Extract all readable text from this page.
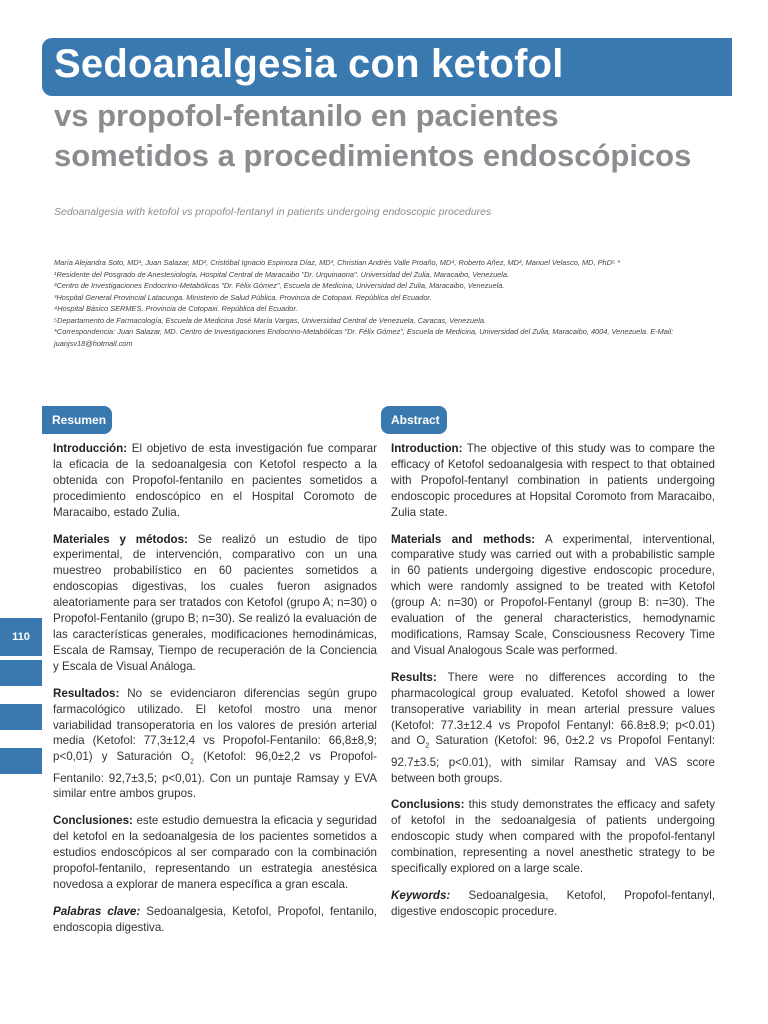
Sedoanalgesia con ketofol
vs propofol-fentanilo en pacientes
sometidos a procedimientos endoscópicos
Sedoanalgesia with ketofol vs propofol-fentanyl in patients undergoing endoscopic procedures

María Alejandra Soto, MD¹, Juan Salazar, MD², Cristóbal Ignacio Espinoza Díaz, MD³, Christian Andrés Valle Proaño, MD⁴, Roberto Añez, MD², Manuel Velasco, MD, PhD⁵ *

¹Residente del Posgrado de Anestesiología, Hospital Central de Maracaibo "Dr. Urquinaona". Universidad del Zulia, Maracaibo, Venezuela.

²Centro de Investigaciones Endocrino-Metabólicas "Dr. Félix Gómez", Escuela de Medicina, Universidad del Zulia, Maracaibo, Venezuela.

³Hospital General Provincial Latacunga. Ministerio de Salud Pública. Provincia de Cotopaxi. República del Ecuador.

⁴Hospital Básico SERMES. Provincia de Cotopaxi. República del Ecuador.

⁵Departamento de Farmacología, Escuela de Medicina José María Vargas, Universidad Central de Venezuela, Caracas, Venezuela.

*Correspondencia: Juan Salazar, MD. Centro de Investigaciones Endocrino-Metabólicas "Dr. Félix Gómez", Escuela de Medicina, Universidad del Zulia, Maracaibo, 4004, Venezuela. E-Mail: juanjsv18@hotmail.com

110
Resumen	Abstract

Introducción: El objetivo de esta investigación fue comparar la eficacia de la sedoanalgesia con Ketofol respecto a la obtenida con Propofol-fentanilo en pacientes sometidos a procedimiento endoscópico en el Hospital Coromoto de Maracaibo, estado Zulia.

Materiales y métodos: Se realizó un estudio de tipo experimental, de intervención, comparativo con un una muestreo probabilístico en 60 pacientes sometidos a endoscopias digestivas, los cuales fueron asignados aleatoriamente para ser tratados con Ketofol (grupo A; n=30) o Propofol-Fentanilo (grupo B; n=30). Se realizó la evaluación de las características generales, modificaciones hemodinámicas, Escala de Ramsay, Tiempo de recuperación de la Conciencia y Escala de Visual Análoga.

Resultados: No se evidenciaron diferencias según grupo farmacológico utilizado. El ketofol mostro una menor variabilidad transoperatoria en los valores de presión arterial media (Ketofol: 77,3±12,4 vs Propofol-Fentanilo: 66,8±8,9; p<0,01) y Saturación $O_2$ (Ketofol: 96,0±2,2 vs Propofol-Fentanilo: 92,7±3,5; p<0,01). Con un puntaje Ramsay y EVA similar entre ambos grupos.

Conclusiones: este estudio demuestra la eficacia y seguridad del ketofol en la sedoanalgesia de los pacientes sometidos a estudios endoscópicos al ser comparado con la combinación propofol-fentanilo, representando un estrategia anestésica novedosa a explorar de manera específica a gran escala.

Palabras clave: Sedoanalgesia, Ketofol, Propofol, fentanilo, endoscopia digestiva.

Introduction: The objective of this study was to compare the efficacy of Ketofol sedoanalgesia with respect to that obtained with Propofol-fentanyl combination in patients undergoing endoscopic procedures at Hopsital Coromoto from Maracaibo, Zulia state.

Materials and methods: A experimental, interventional, comparative study was carried out with a probabilistic sample in 60 patients undergoing digestive endoscopic procedure, which were randomly assigned to be treated with Ketofol (group A: n=30) or Propofol-Fentanyl (group B: n=30). The evaluation of the general characteristics, hemodynamic modifications, Ramsay Scale, Consciousness Recovery Time and Visual Analogous Scale was performed.

Results: There were no differences according to the pharmacological group evaluated. Ketofol showed a lower transoperative variability in mean arterial pressure values (Ketofol: 77.3±12.4 vs Propofol Fentanyl: 66.8±8.9; p<0.01) and $O_2$ Saturation (Ketofol: 96, 0±2.2 vs Propofol Fentanyl: 92.7±3.5; p<0.01), with similar Ramsay and VAS score between both groups.

Conclusions: this study demonstrates the efficacy and safety of ketofol in the sedoanalgesia of patients undergoing endoscopic study when compared with the propofol-fentanyl combination, representing a novel anesthetic strategy to be specifically explored on a large scale.

Keywords: Sedoanalgesia, Ketofol, Propofol-fentanyl, digestive endoscopic procedure.
